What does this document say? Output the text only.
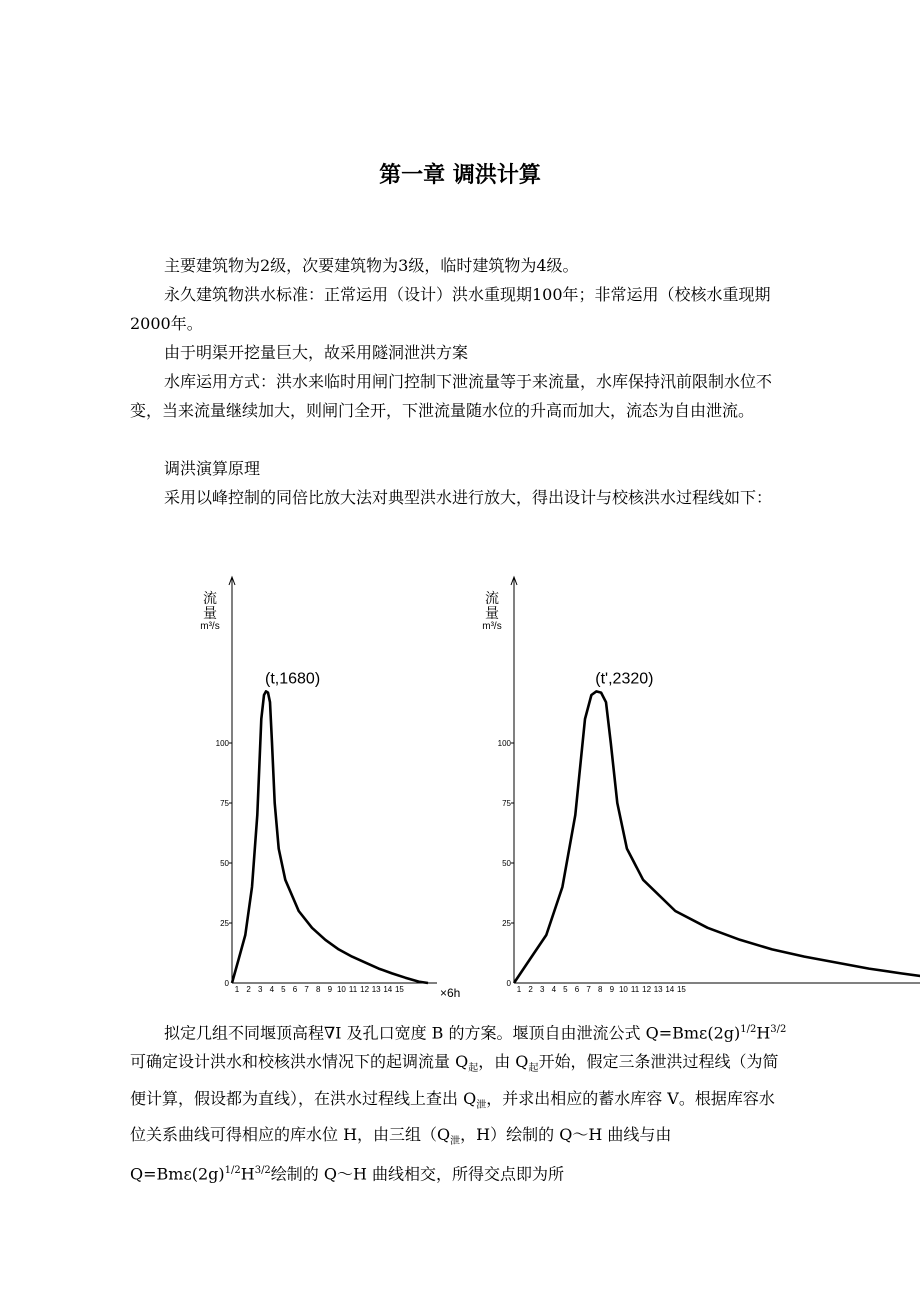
第一章 调洪计算
主要建筑物为2级，次要建筑物为3级，临时建筑物为4级。
永久建筑物洪水标准：正常运用（设计）洪水重现期100年；非常运用（校核水重现期2000年。
由于明渠开挖量巨大，故采用隧洞泄洪方案
水库运用方式：洪水来临时用闸门控制下泄流量等于来流量，水库保持汛前限制水位不变，当来流量继续加大，则闸门全开，下泄流量随水位的升高而加大，流态为自由泄流。
调洪演算原理
采用以峰控制的同倍比放大法对典型洪水进行放大，得出设计与校核洪水过程线如下：
流
量
m³/s
0
25
50
75
100
1 2 3 4 5 6 7 8 9 10 11 12 13 14 15	×6h
(t,1680)
流
量
m³/s
0
25
50
75
100
1 2 3 4 5 6 7 8 9 10 11 12 13 14 15
(t',2320)
拟定几组不同堰顶高程∇I 及孔口宽度 B 的方案。堰顶自由泄流公式 $Q=Bm\varepsilon(2g)^{1/2}H^{3/2}$可确定设计洪水和校核洪水情况下的起调流量 $Q_起$，由 $Q_起$开始，假定三条泄洪过程线（为简便计算，假设都为直线），在洪水过程线上查出 $Q_泄$，并求出相应的蓄水库容 V。根据库容水位关系曲线可得相应的库水位 H，由三组（$Q_泄$，H）绘制的 Q～H 曲线与由 $Q=Bm\varepsilon(2g)^{1/2}H^{3/2}$绘制的 Q～H 曲线相交，所得交点即为所
